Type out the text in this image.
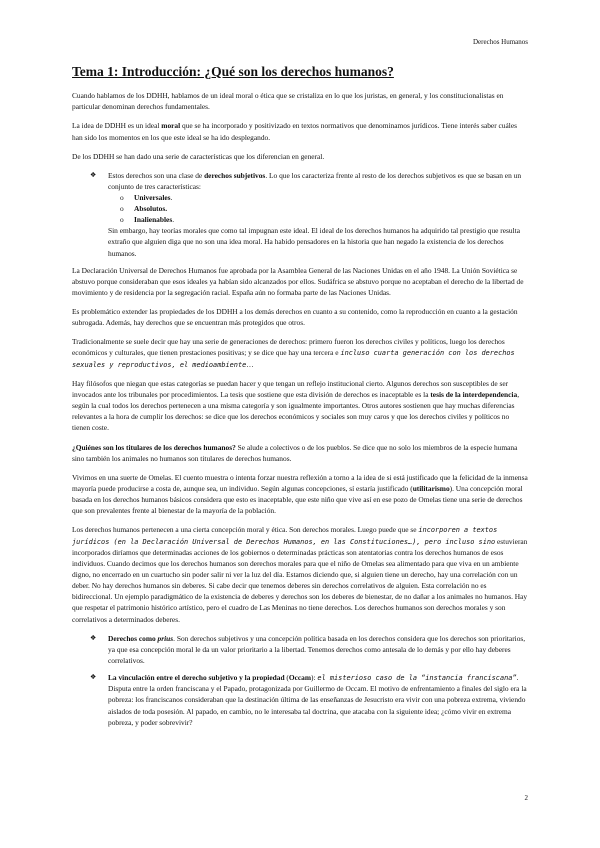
Derechos Humanos
Tema 1: Introducción: ¿Qué son los derechos humanos?

Cuando hablamos de los DDHH, hablamos de un ideal moral o ética que se cristaliza en lo que los juristas, en general, y los constitucionalistas en particular denominan derechos fundamentales.

La idea de DDHH es un ideal moral que se ha incorporado y positivizado en textos normativos que denominamos jurídicos. Tiene interés saber cuáles han sido los momentos en los que este ideal se ha ido desplegando.

De los DDHH se han dado una serie de características que los diferencian en general.

❖ Estos derechos son una clase de derechos subjetivos. Lo que los caracteriza frente al resto de los derechos subjetivos es que se basan en un conjunto de tres características:
o Universales.
o Absolutos.
o Inalienables.
Sin embargo, hay teorías morales que como tal impugnan este ideal. El ideal de los derechos humanos ha adquirido tal prestigio que resulta extraño que alguien diga que no son una idea moral. Ha habido pensadores en la historia que han negado la existencia de los derechos humanos.

La Declaración Universal de Derechos Humanos fue aprobada por la Asamblea General de las Naciones Unidas en el año 1948. La Unión Soviética se abstuvo porque consideraban que esos ideales ya habían sido alcanzados por ellos. Sudáfrica se abstuvo porque no aceptaban el derecho de la libertad de movimiento y de residencia por la segregación racial. España aún no formaba parte de las Naciones Unidas.

Es problemático extender las propiedades de los DDHH a los demás derechos en cuanto a su contenido, como la reproducción en cuanto a la gestación subrogada. Además, hay derechos que se encuentran más protegidos que otros.

Tradicionalmente se suele decir que hay una serie de generaciones de derechos: primero fueron los derechos civiles y políticos, luego los derechos económicos y culturales, que tienen prestaciones positivas; y se dice que hay una tercera e incluso cuarta generación con los derechos sexuales y reproductivos, el medioambiente…

Hay filósofos que niegan que estas categorías se puedan hacer y que tengan un reflejo institucional cierto. Algunos derechos son susceptibles de ser invocados ante los tribunales por procedimientos. La tesis que sostiene que esta división de derechos es inaceptable es la tesis de la interdependencia, según la cual todos los derechos pertenecen a una misma categoría y son igualmente importantes. Otros autores sostienen que hay muchas diferencias relevantes a la hora de cumplir los derechos: se dice que los derechos económicos y sociales son muy caros y que los derechos civiles y políticos no tienen coste.

¿Quiénes son los titulares de los derechos humanos? Se alude a colectivos o de los pueblos. Se dice que no solo los miembros de la especie humana sino también los animales no humanos son titulares de derechos humanos.

Vivimos en una suerte de Omelas. El cuento muestra o intenta forzar nuestra reflexión a torno a la idea de si está justificado que la felicidad de la inmensa mayoría puede producirse a costa de, aunque sea, un individuo. Según algunas concepciones, sí estaría justificado (utilitarismo). Una concepción moral basada en los derechos humanos básicos considera que esto es inaceptable, que este niño que vive así en ese pozo de Omelas tiene una serie de derechos que son prevalentes frente al bienestar de la mayoría de la población.

Los derechos humanos pertenecen a una cierta concepción moral y ética. Son derechos morales. Luego puede que se incorporen a textos jurídicos (en la Declaración Universal de Derechos Humanos, en las Constituciones…), pero incluso sino estuvieran incorporados diríamos que determinadas acciones de los gobiernos o determinadas prácticas son atentatorias contra los derechos humanos de esos individuos. Cuando decimos que los derechos humanos son derechos morales para que el niño de Omelas sea alimentado para que viva en un ambiente digno, no encerrado en un cuartucho sin poder salir ni ver la luz del día. Estamos diciendo que, si alguien tiene un derecho, hay una correlación con un deber. No hay derechos humanos sin deberes. Si cabe decir que tenemos deberes sin derechos correlativos de alguien. Esta correlación no es bidireccional. Un ejemplo paradigmático de la existencia de deberes y derechos son los deberes de bienestar, de no dañar a los animales no humanos. Hay que respetar el patrimonio histórico artístico, pero el cuadro de Las Meninas no tiene derechos. Los derechos humanos son derechos morales y son correlativos a determinados deberes.

❖ Derechos como prius. Son derechos subjetivos y una concepción política basada en los derechos considera que los derechos son prioritarios, ya que esa concepción moral le da un valor prioritario a la libertad. Tenemos derechos como antesala de lo demás y por ello hay deberes correlativos.
❖ La vinculación entre el derecho subjetivo y la propiedad (Occam): el misterioso caso de la “instancia franciscana”. Disputa entre la orden franciscana y el Papado, protagonizada por Guillermo de Occam. El motivo de enfrentamiento a finales del siglo era la pobreza: los franciscanos consideraban que la destinación última de las enseñanzas de Jesucristo era vivir con una pobreza extrema, viviendo aislados de toda posesión. Al papado, en cambio, no le interesaba tal doctrina, que atacaba con la siguiente idea; ¿cómo vivir en extrema pobreza, y poder sobrevivir?
2
